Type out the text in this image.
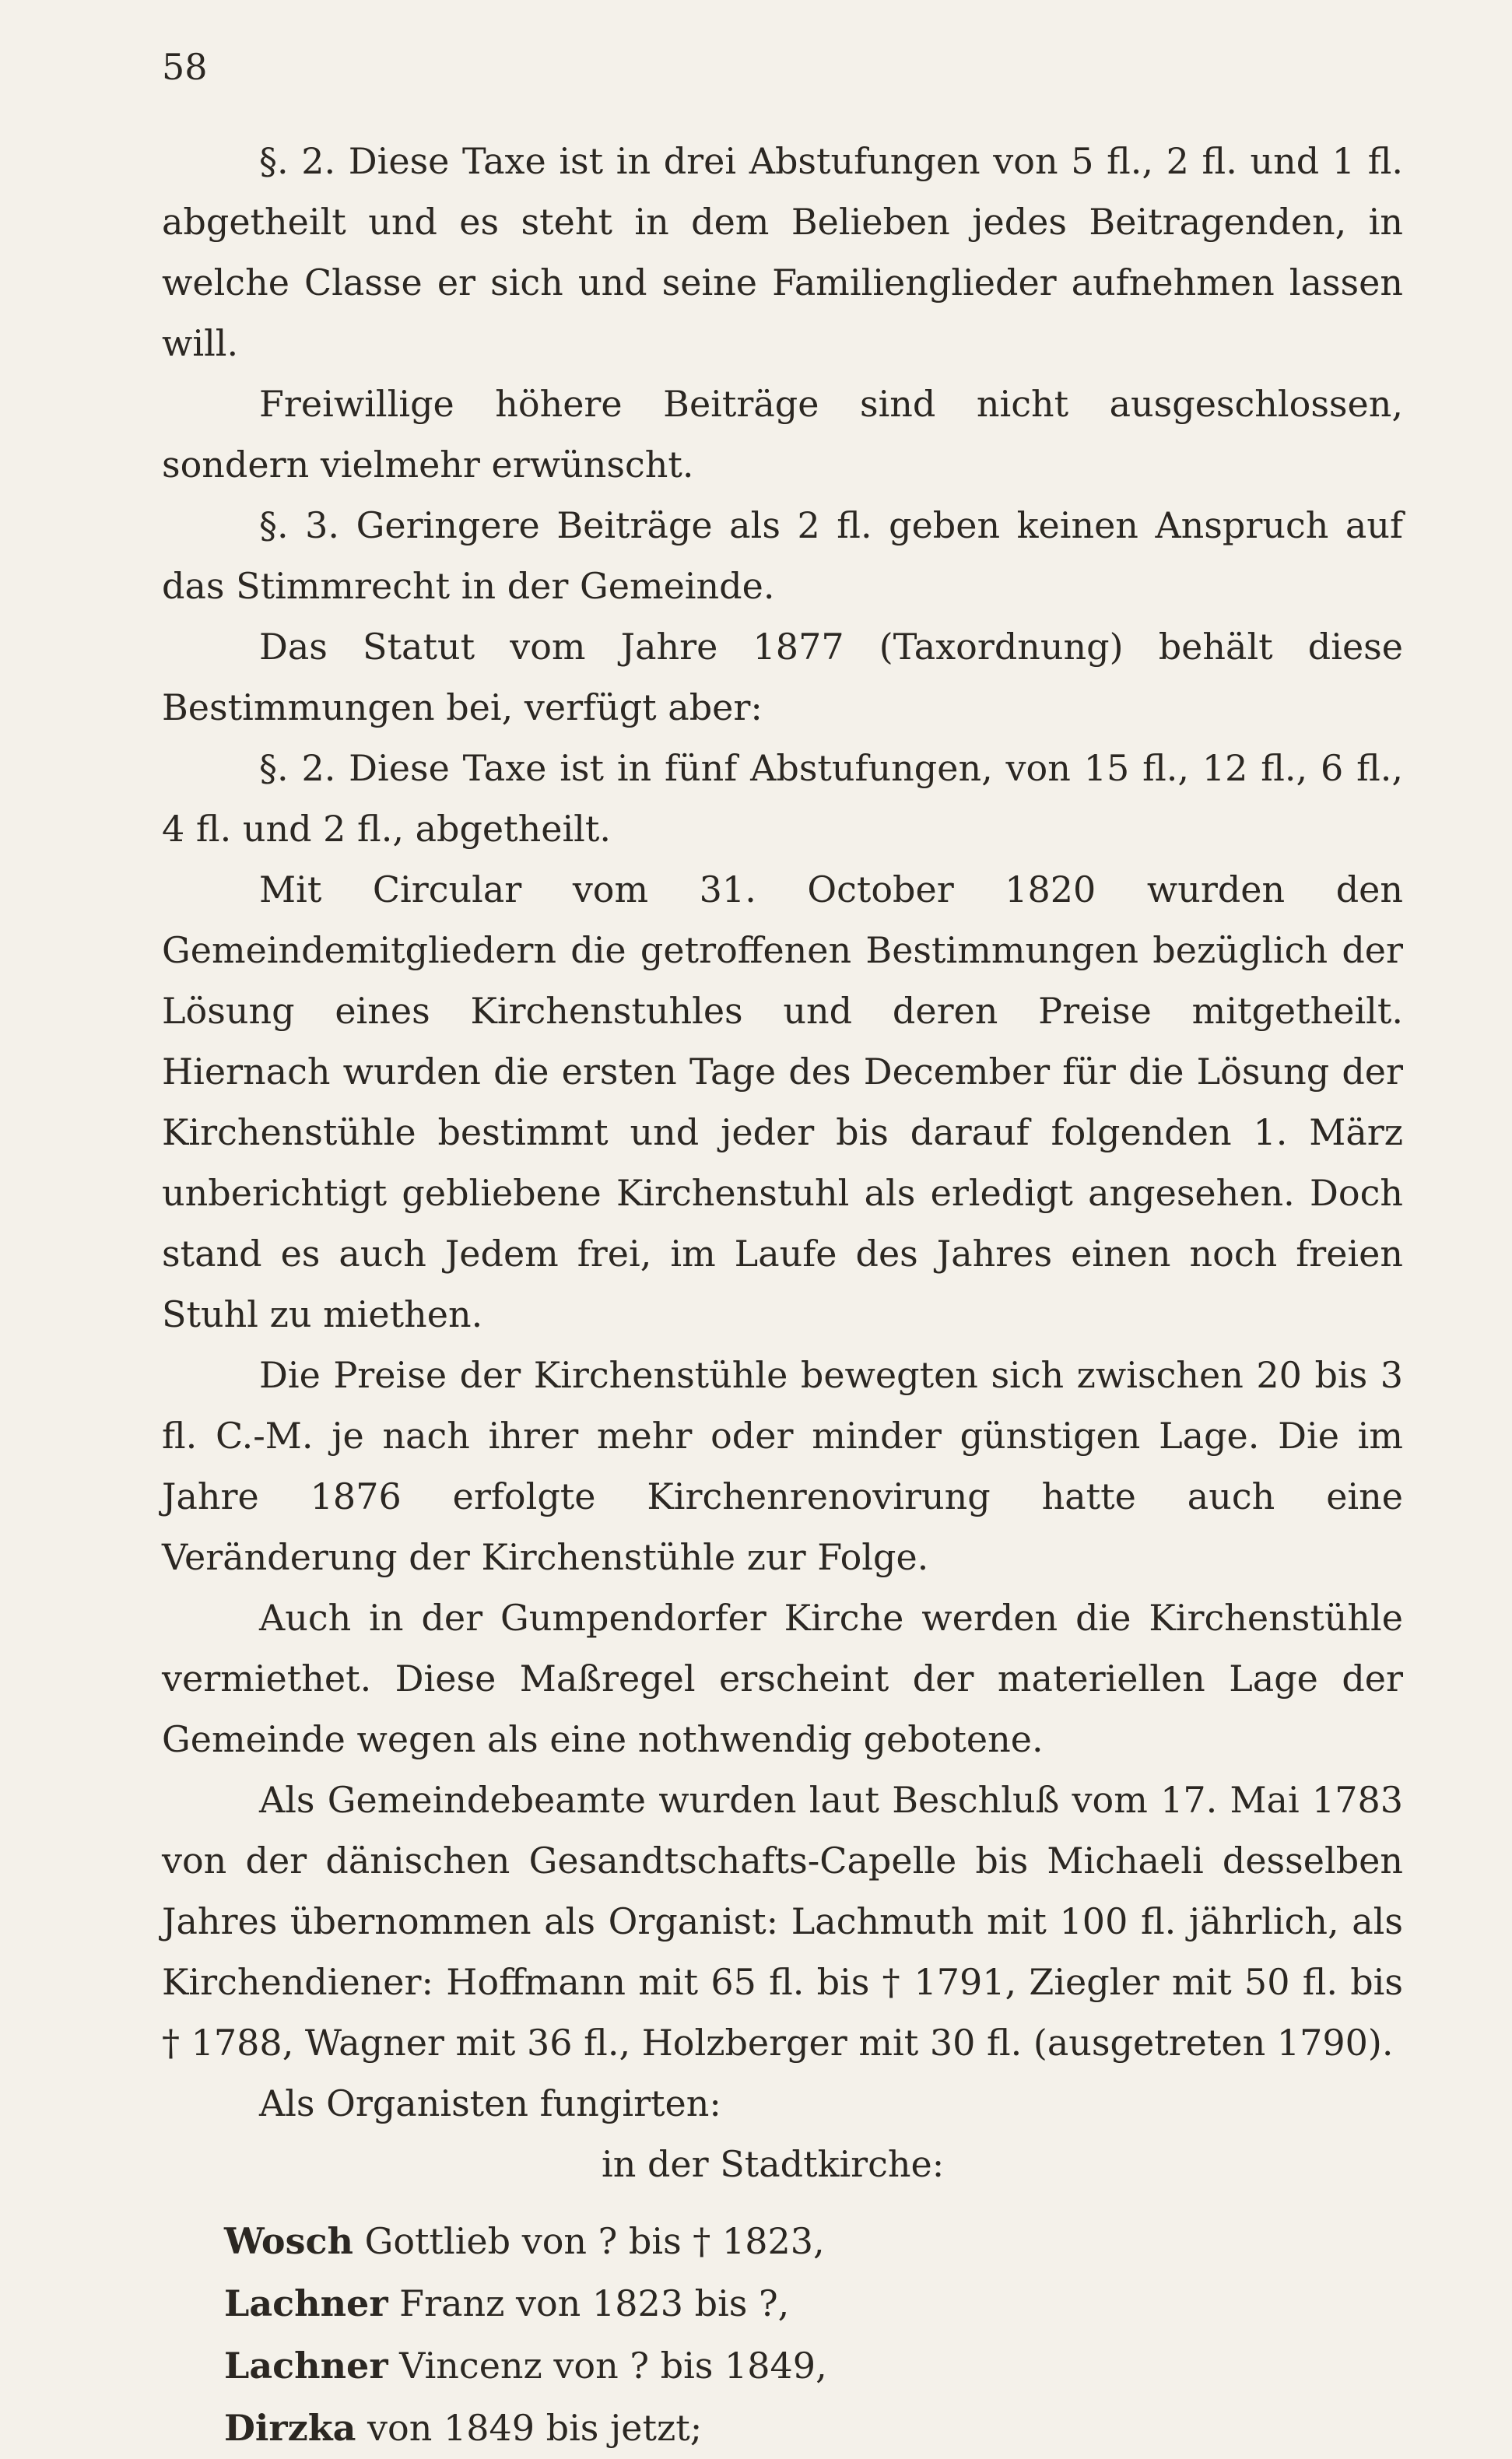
58

§. 2. Diese Taxe ist in drei Abstufungen von 5 fl., 2 fl. und 1 fl. abgetheilt und es steht in dem Belieben jedes Beitragenden, in welche Classe er sich und seine Familienglieder aufnehmen lassen will.

Freiwillige höhere Beiträge sind nicht ausgeschlossen, sondern vielmehr erwünscht.

§. 3. Geringere Beiträge als 2 fl. geben keinen Anspruch auf das Stimmrecht in der Gemeinde.

Das Statut vom Jahre 1877 (Taxordnung) behält diese Bestimmungen bei, verfügt aber:

§. 2. Diese Taxe ist in fünf Abstufungen, von 15 fl., 12 fl., 6 fl., 4 fl. und 2 fl., abgetheilt.

Mit Circular vom 31. October 1820 wurden den Gemeindemitgliedern die getroffenen Bestimmungen bezüglich der Lösung eines Kirchenstuhles und deren Preise mitgetheilt. Hiernach wurden die ersten Tage des December für die Lösung der Kirchenstühle bestimmt und jeder bis darauf folgenden 1. März unberichtigt gebliebene Kirchenstuhl als erledigt angesehen. Doch stand es auch Jedem frei, im Laufe des Jahres einen noch freien Stuhl zu miethen.

Die Preise der Kirchenstühle bewegten sich zwischen 20 bis 3 fl. C.-M. je nach ihrer mehr oder minder günstigen Lage. Die im Jahre 1876 erfolgte Kirchenrenovirung hatte auch eine Veränderung der Kirchenstühle zur Folge.

Auch in der Gumpendorfer Kirche werden die Kirchenstühle vermiethet. Diese Maßregel erscheint der materiellen Lage der Gemeinde wegen als eine nothwendig gebotene.

Als Gemeindebeamte wurden laut Beschluß vom 17. Mai 1783 von der dänischen Gesandtschafts-Capelle bis Michaeli desselben Jahres übernommen als Organist: Lachmuth mit 100 fl. jährlich, als Kirchendiener: Hoffmann mit 65 fl. bis † 1791, Ziegler mit 50 fl. bis † 1788, Wagner mit 36 fl., Holzberger mit 30 fl. (ausgetreten 1790).

Als Organisten fungirten:

in der Stadtkirche:

Wosch Gottlieb von ? bis † 1823,
Lachner Franz von 1823 bis ?,
Lachner Vincenz von ? bis 1849,
Dirzka von 1849 bis jetzt;
